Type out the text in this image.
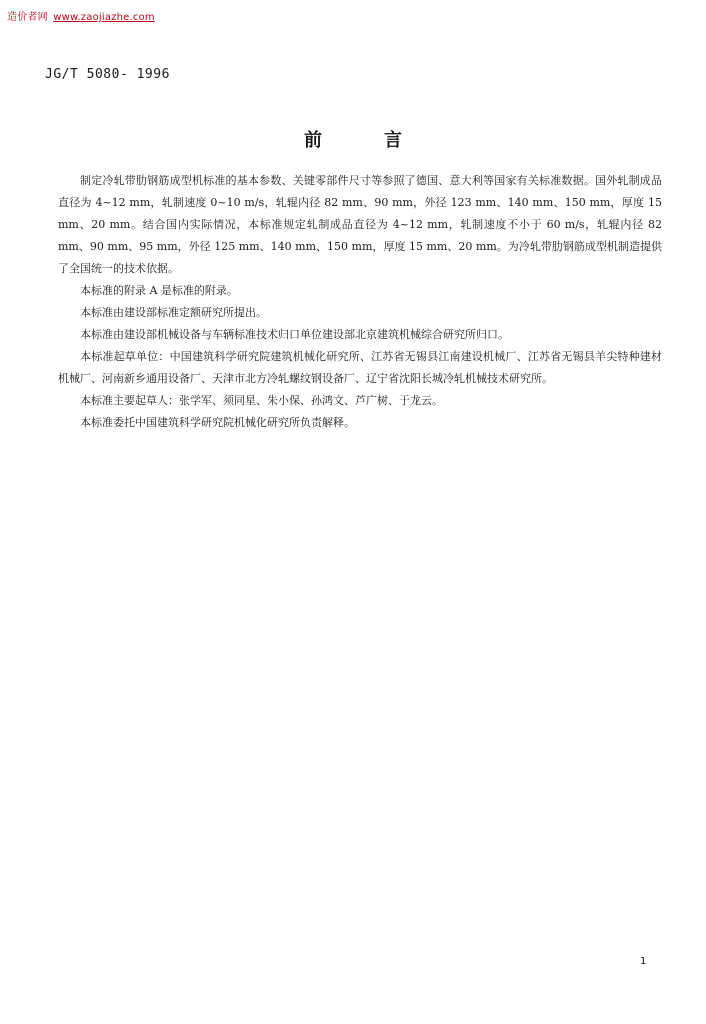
造价者网 www.zaojiazhe.com
JG/T 5080- 1996
前言

制定冷轧带肋钢筋成型机标准的基本参数、关键零部件尺寸等参照了德国、意大利等国家有关标准数据。国外轧制成品直径为 4~12 mm，轧制速度 0~10 m/s，轧辊内径 82 mm、90 mm，外径 123 mm、140 mm、150 mm，厚度 15 mm、20 mm。结合国内实际情况，本标准规定轧制成品直径为 4~12 mm，轧制速度不小于 60 m/s，轧辊内径 82 mm、90 mm、95 mm，外径 125 mm、140 mm、150 mm，厚度 15 mm、20 mm。为冷轧带肋钢筋成型机制造提供了全国统一的技术依据。

本标准的附录 A 是标准的附录。

本标准由建设部标准定额研究所提出。

本标准由建设部机械设备与车辆标准技术归口单位建设部北京建筑机械综合研究所归口。

本标准起草单位：中国建筑科学研究院建筑机械化研究所、江苏省无锡县江南建设机械厂、江苏省无锡县羊尖特种建材机械厂、河南新乡通用设备厂、天津市北方冷轧螺纹钢设备厂、辽宁省沈阳长城冷轧机械技术研究所。

本标准主要起草人：张学军、须同星、朱小保、孙鸿文、芦广树、于龙云。

本标准委托中国建筑科学研究院机械化研究所负责解释。

1
